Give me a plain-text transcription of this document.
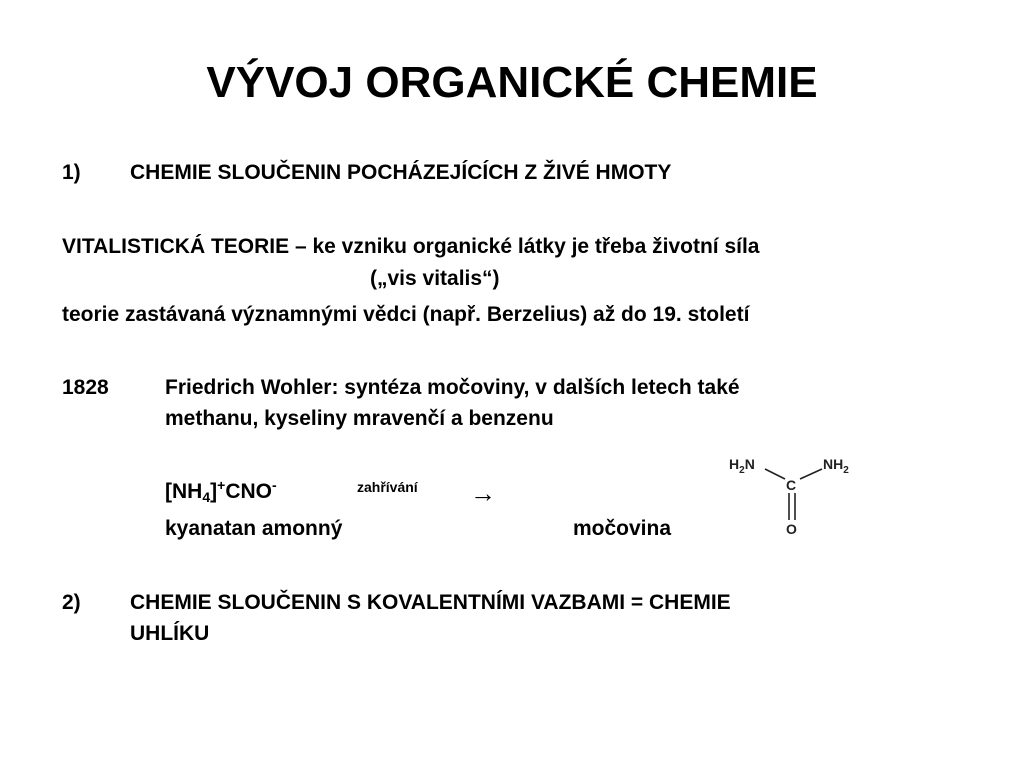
VÝVOJ ORGANICKÉ CHEMIE
1) CHEMIE SLOUČENIN POCHÁZEJÍCÍCH Z ŽIVÉ HMOTY
VITALISTICKÁ TEORIE – ke vzniku organické látky je třeba životní síla
(„vis vitalis“)
teorie zastávaná významnými vědci (např. Berzelius) až do 19. století
1828	Friedrich Wohler: syntéza močoviny, v dalších letech také
methanu, kyseliny mravenčí a benzenu
$[NH_4]^+CNO^-$	zahřívání →
kyanatan amonný	močovina
$H_2N$	$NH_2$
C
O
2) CHEMIE SLOUČENIN S KOVALENTNÍMI VAZBAMI = CHEMIE
UHLÍKU
